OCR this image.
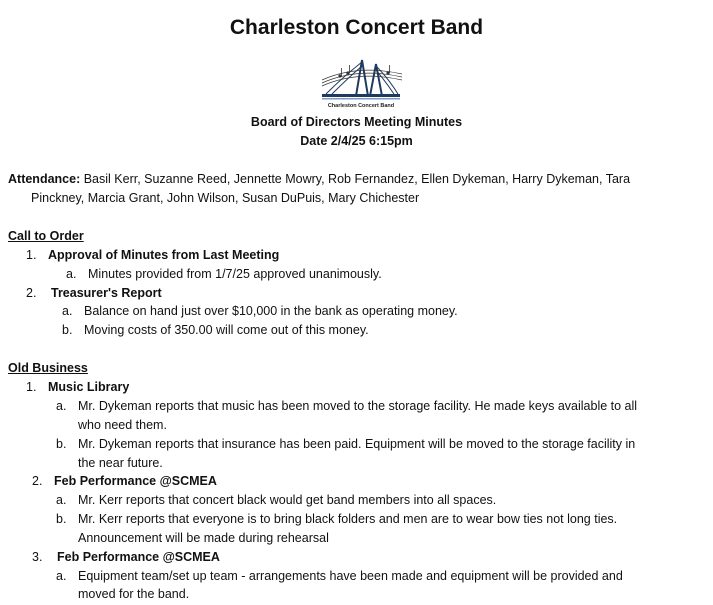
Charleston Concert Band
Charleston Concert Band
Board of Directors Meeting Minutes
Date 2/4/25 6:15pm
Attendance: Basil Kerr, Suzanne Reed, Jennette Mowry, Rob Fernandez, Ellen Dykeman, Harry Dykeman, Tara
Pinckney, Marcia Grant, John Wilson, Susan DuPuis, Mary Chichester
Call to Order
1. Approval of Minutes from Last Meeting
a. Minutes provided from 1/7/25 approved unanimously.
2. Treasurer's Report
a. Balance on hand just over $10,000 in the bank as operating money.
b. Moving costs of 350.00 will come out of this money.
Old Business
1. Music Library
a. Mr. Dykeman reports that music has been moved to the storage facility. He made keys available to all
who need them.
b. Mr. Dykeman reports that insurance has been paid. Equipment will be moved to the storage facility in
the near future.
2. Feb Performance @SCMEA
a. Mr. Kerr reports that concert black would get band members into all spaces.
b. Mr. Kerr reports that everyone is to bring black folders and men are to wear bow ties not long ties.
Announcement will be made during rehearsal
3. Feb Performance @SCMEA
a. Equipment team/set up team - arrangements have been made and equipment will be provided and
moved for the band.
